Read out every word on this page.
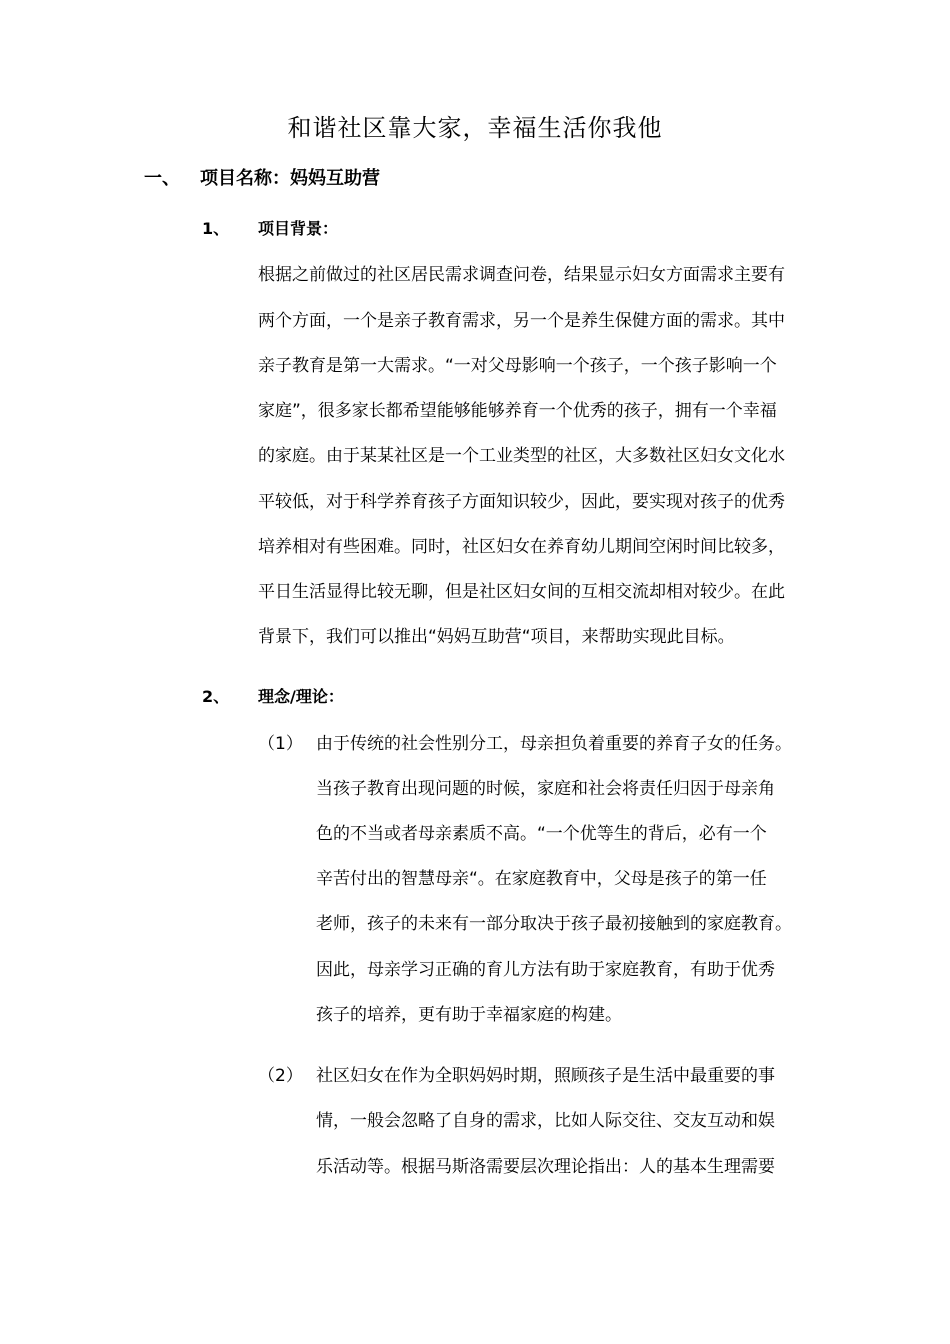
和谐社区靠大家，幸福生活你我他
一、 项目名称：妈妈互助营
1、 项目背景：
根据之前做过的社区居民需求调查问卷，结果显示妇女方面需求主要有
两个方面，一个是亲子教育需求，另一个是养生保健方面的需求。其中
亲子教育是第一大需求。“一对父母影响一个孩子，一个孩子影响一个
家庭”，很多家长都希望能够能够养育一个优秀的孩子，拥有一个幸福
的家庭。由于某某社区是一个工业类型的社区，大多数社区妇女文化水
平较低，对于科学养育孩子方面知识较少，因此，要实现对孩子的优秀
培养相对有些困难。同时，社区妇女在养育幼儿期间空闲时间比较多，
平日生活显得比较无聊，但是社区妇女间的互相交流却相对较少。在此
背景下，我们可以推出“妈妈互助营“项目，来帮助实现此目标。
2、 理念/理论：
（1） 由于传统的社会性别分工，母亲担负着重要的养育子女的任务。
当孩子教育出现问题的时候，家庭和社会将责任归因于母亲角
色的不当或者母亲素质不高。“一个优等生的背后，必有一个
辛苦付出的智慧母亲“。在家庭教育中，父母是孩子的第一任
老师，孩子的未来有一部分取决于孩子最初接触到的家庭教育。
因此，母亲学习正确的育儿方法有助于家庭教育，有助于优秀
孩子的培养，更有助于幸福家庭的构建。
（2） 社区妇女在作为全职妈妈时期，照顾孩子是生活中最重要的事
情，一般会忽略了自身的需求，比如人际交往、交友互动和娱
乐活动等。根据马斯洛需要层次理论指出：人的基本生理需要
